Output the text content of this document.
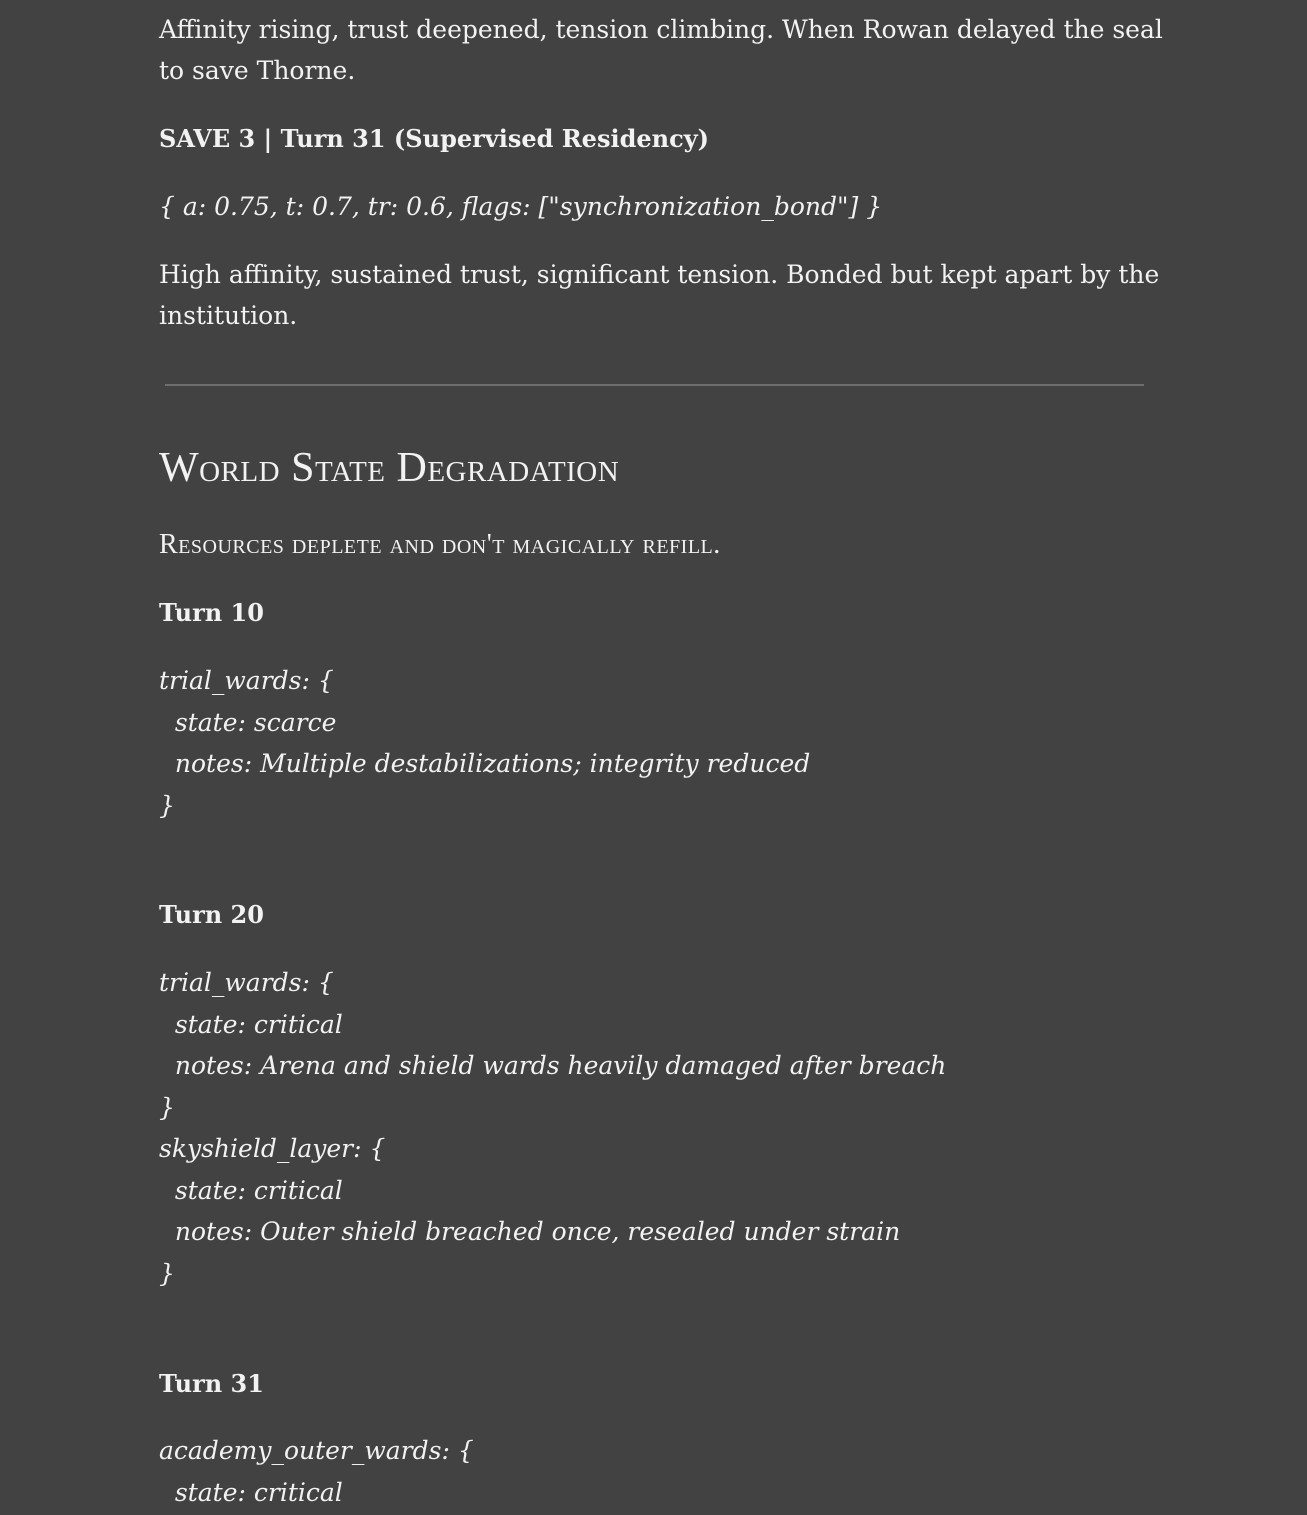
Affinity rising, trust deepened, tension climbing. When Rowan delayed the seal

to save Thorne.

SAVE 3 | Turn 31 (Supervised Residency)

{ a: 0.75, t: 0.7, tr: 0.6, flags: ["synchronization_bond"] }

High affinity, sustained trust, significant tension. Bonded but kept apart by the

institution.

World State Degradation

Resources deplete and don't magically refill.

Turn 10

trial_wards: {

state: scarce

notes: Multiple destabilizations; integrity reduced

}

Turn 20

trial_wards: {

state: critical

notes: Arena and shield wards heavily damaged after breach

}

skyshield_layer: {

state: critical

notes: Outer shield breached once, resealed under strain

}

Turn 31

academy_outer_wards: {

state: critical
